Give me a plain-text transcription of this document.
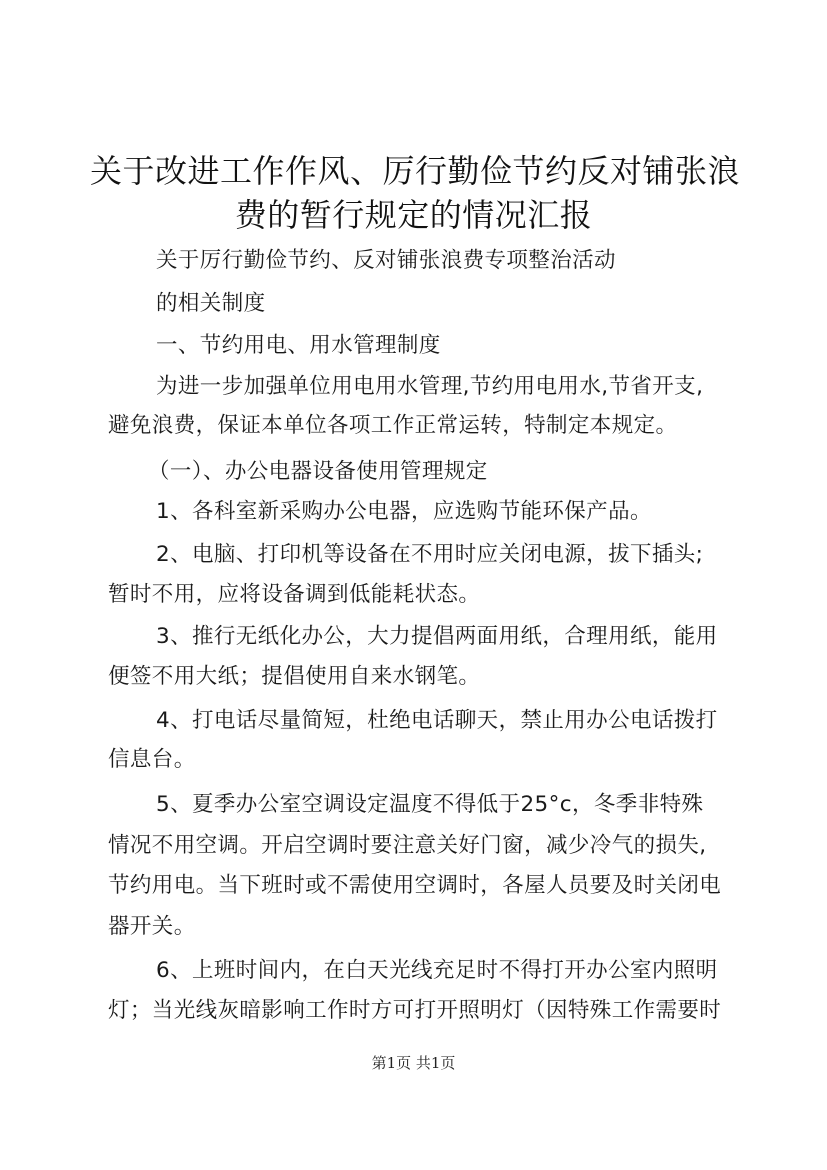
关于改进工作作风、厉行勤俭节约反对铺张浪
费的暂行规定的情况汇报
关于厉行勤俭节约、反对铺张浪费专项整治活动
的相关制度
一、节约用电、用水管理制度
为进一步加强单位用电用水管理,节约用电用水,节省开支,
避免浪费，保证本单位各项工作正常运转，特制定本规定。
（一）、办公电器设备使用管理规定
1、各科室新采购办公电器，应选购节能环保产品。
2、电脑、打印机等设备在不用时应关闭电源，拔下插头;
暂时不用，应将设备调到低能耗状态。
3、推行无纸化办公，大力提倡两面用纸，合理用纸，能用
便签不用大纸；提倡使用自来水钢笔。
4、打电话尽量简短，杜绝电话聊天，禁止用办公电话拨打
信息台。
5、夏季办公室空调设定温度不得低于25°c，冬季非特殊
情况不用空调。开启空调时要注意关好门窗，减少冷气的损失,
节约用电。当下班时或不需使用空调时，各屋人员要及时关闭电
器开关。
6、上班时间内，在白天光线充足时不得打开办公室内照明
灯；当光线灰暗影响工作时方可打开照明灯（因特殊工作需要时
第1页 共1页
